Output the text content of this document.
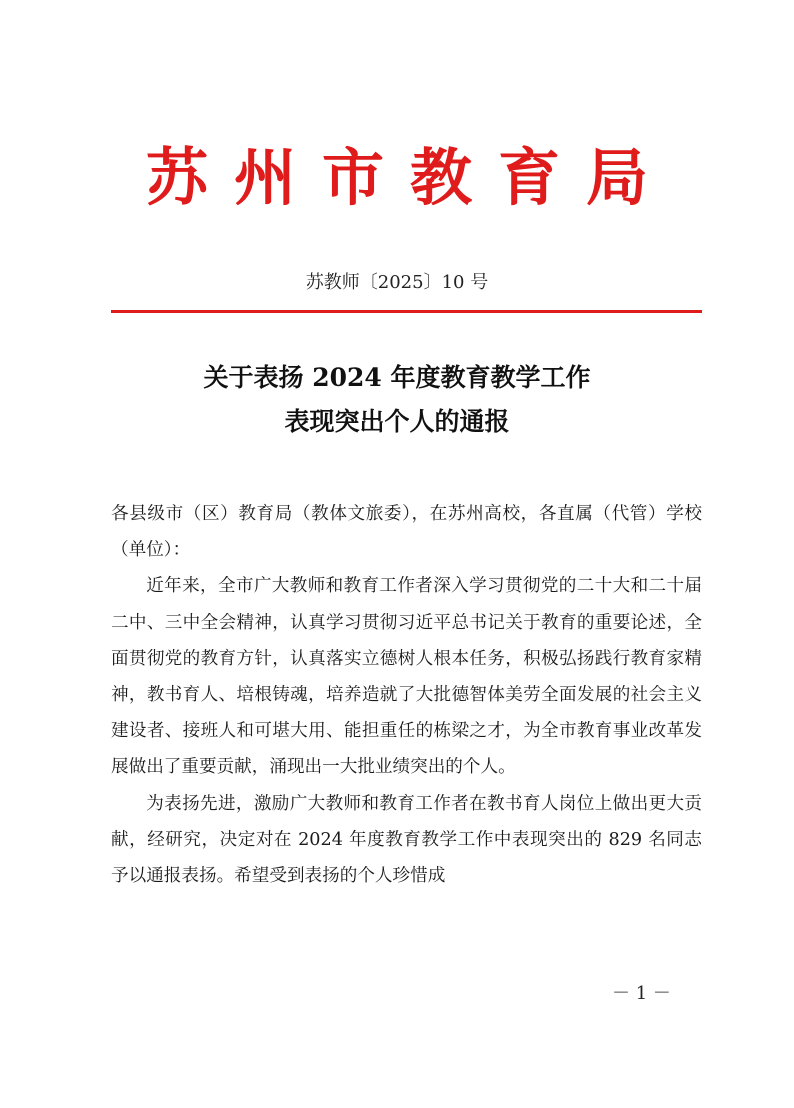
苏州市教育局
苏教师〔2025〕10 号
关于表扬 2024 年度教育教学工作
表现突出个人的通报

各县级市（区）教育局（教体文旅委），在苏州高校，各直属（代管）学校（单位）：

近年来，全市广大教师和教育工作者深入学习贯彻党的二十大和二十届二中、三中全会精神，认真学习贯彻习近平总书记关于教育的重要论述，全面贯彻党的教育方针，认真落实立德树人根本任务，积极弘扬践行教育家精神，教书育人、培根铸魂，培养造就了大批德智体美劳全面发展的社会主义建设者、接班人和可堪大用、能担重任的栋梁之才，为全市教育事业改革发展做出了重要贡献，涌现出一大批业绩突出的个人。

为表扬先进，激励广大教师和教育工作者在教书育人岗位上做出更大贡献，经研究，决定对在 2024 年度教育教学工作中表现突出的 829 名同志予以通报表扬。希望受到表扬的个人珍惜成

－ 1 －
